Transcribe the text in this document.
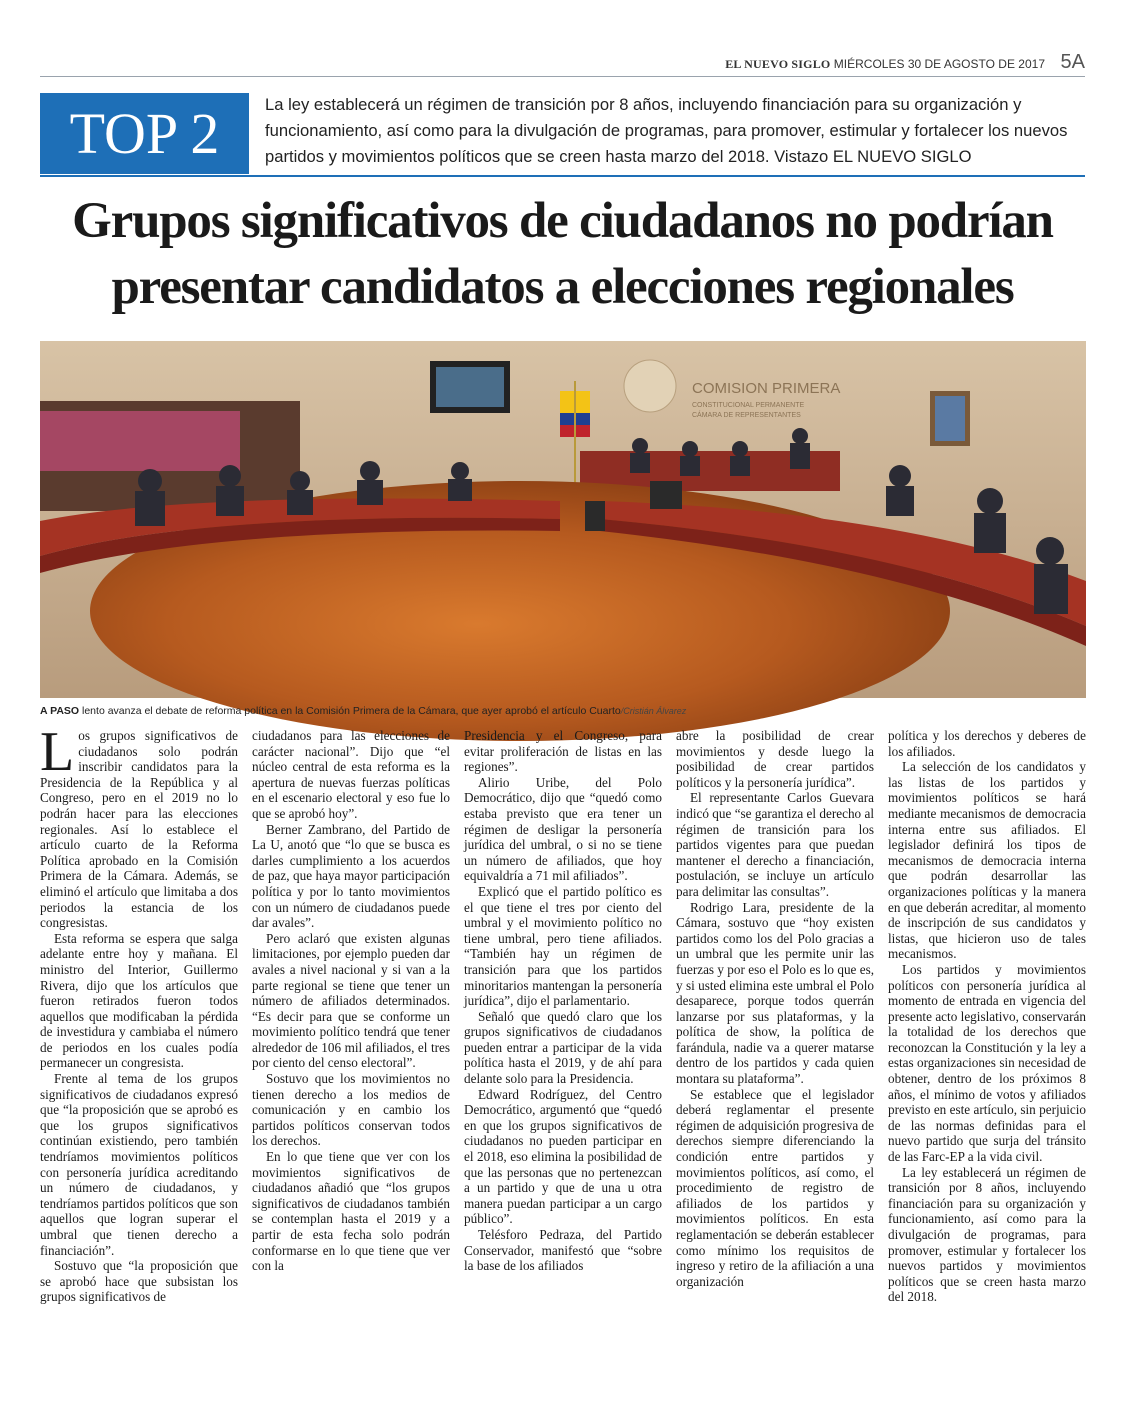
EL NUEVO SIGLO MIÉRCOLES 30 DE AGOSTO DE 2017 5A
TOP 2	La ley establecerá un régimen de transición por 8 años, incluyendo financiación para su organización y funcionamiento, así como para la divulgación de programas, para promover, estimular y fortalecer los nuevos partidos y movimientos políticos que se creen hasta marzo del 2018. Vistazo EL NUEVO SIGLO
Grupos significativos de ciudadanos no podrían presentar candidatos a elecciones regionales
COMISION PRIMERA
CONSTITUCIONAL PERMANENTE
CÁMARA DE REPRESENTANTES
A PASO lento avanza el debate de reforma política en la Comisión Primera de la Cámara, que ayer aprobó el artículo Cuarto/Cristián Álvarez

Los grupos significativos de ciudadanos solo podrán inscribir candidatos para la Presidencia de la República y al Congreso, pero en el 2019 no lo podrán hacer para las elecciones regionales. Así lo establece el artículo cuarto de la Reforma Política aprobado en la Comisión Primera de la Cámara. Además, se eliminó el artículo que limitaba a dos periodos la estancia de los congresistas.

Esta reforma se espera que salga adelante entre hoy y mañana. El ministro del Interior, Guillermo Rivera, dijo que los artículos que fueron retirados fueron todos aquellos que modificaban la pérdida de investidura y cambiaba el número de periodos en los cuales podía permanecer un congresista.

Frente al tema de los grupos significativos de ciudadanos expresó que “la proposición que se aprobó es que los grupos significativos continúan existiendo, pero también tendríamos movimientos políticos con personería jurídica acreditando un número de ciudadanos, y tendríamos partidos políticos que son aquellos que logran superar el umbral que tienen derecho a financiación”.

Sostuvo que “la proposición que se aprobó hace que subsistan los grupos significativos de

ciudadanos para las elecciones de carácter nacional”. Dijo que “el núcleo central de esta reforma es la apertura de nuevas fuerzas políticas en el escenario electoral y eso fue lo que se aprobó hoy”.

Berner Zambrano, del Partido de La U, anotó que “lo que se busca es darles cumplimiento a los acuerdos de paz, que haya mayor participación política y por lo tanto movimientos con un número de ciudadanos puede dar avales”.

Pero aclaró que existen algunas limitaciones, por ejemplo pueden dar avales a nivel nacional y si van a la parte regional se tiene que tener un número de afiliados determinados. “Es decir para que se conforme un movimiento político tendrá que tener alrededor de 106 mil afiliados, el tres por ciento del censo electoral”.

Sostuvo que los movimientos no tienen derecho a los medios de comunicación y en cambio los partidos políticos conservan todos los derechos.

En lo que tiene que ver con los movimientos significativos de ciudadanos añadió que “los grupos significativos de ciudadanos también se contemplan hasta el 2019 y a partir de esta fecha solo podrán conformarse en lo que tiene que ver con la

Presidencia y el Congreso, para evitar proliferación de listas en las regiones”.

Alirio Uribe, del Polo Democrático, dijo que “quedó como estaba previsto que era tener un régimen de desligar la personería jurídica del umbral, o si no se tiene un número de afiliados, que hoy equivaldría a 71 mil afiliados”.

Explicó que el partido político es el que tiene el tres por ciento del umbral y el movimiento político no tiene umbral, pero tiene afiliados. “También hay un régimen de transición para que los partidos minoritarios mantengan la personería jurídica”, dijo el parlamentario.

Señaló que quedó claro que los grupos significativos de ciudadanos pueden entrar a participar de la vida política hasta el 2019, y de ahí para delante solo para la Presidencia.

Edward Rodríguez, del Centro Democrático, argumentó que “quedó en que los grupos significativos de ciudadanos no pueden participar en el 2018, eso elimina la posibilidad de que las personas que no pertenezcan a un partido y que de una u otra manera puedan participar a un cargo público”.

Telésforo Pedraza, del Partido Conservador, manifestó que “sobre la base de los afiliados

abre la posibilidad de crear movimientos y desde luego la posibilidad de crear partidos políticos y la personería jurídica”.

El representante Carlos Guevara indicó que “se garantiza el derecho al régimen de transición para los partidos vigentes para que puedan mantener el derecho a financiación, postulación, se incluye un artículo para delimitar las consultas”.

Rodrigo Lara, presidente de la Cámara, sostuvo que “hoy existen partidos como los del Polo gracias a un umbral que les permite unir las fuerzas y por eso el Polo es lo que es, y si usted elimina este umbral el Polo desaparece, porque todos querrán lanzarse por sus plataformas, y la política de show, la política de farándula, nadie va a querer matarse dentro de los partidos y cada quien montara su plataforma”.

Se establece que el legislador deberá reglamentar el presente régimen de adquisición progresiva de derechos siempre diferenciando la condición entre partidos y movimientos políticos, así como, el procedimiento de registro de afiliados de los partidos y movimientos políticos. En esta reglamentación se deberán establecer como mínimo los requisitos de ingreso y retiro de la afiliación a una organización

política y los derechos y deberes de los afiliados.

La selección de los candidatos y las listas de los partidos y movimientos políticos se hará mediante mecanismos de democracia interna entre sus afiliados. El legislador definirá los tipos de mecanismos de democracia interna que podrán desarrollar las organizaciones políticas y la manera en que deberán acreditar, al momento de inscripción de sus candidatos y listas, que hicieron uso de tales mecanismos.

Los partidos y movimientos políticos con personería jurídica al momento de entrada en vigencia del presente acto legislativo, conservarán la totalidad de los derechos que reconozcan la Constitución y la ley a estas organizaciones sin necesidad de obtener, dentro de los próximos 8 años, el mínimo de votos y afiliados previsto en este artículo, sin perjuicio de las normas definidas para el nuevo partido que surja del tránsito de las Farc-EP a la vida civil.

La ley establecerá un régimen de transición por 8 años, incluyendo financiación para su organización y funcionamiento, así como para la divulgación de programas, para promover, estimular y fortalecer los nuevos partidos y movimientos políticos que se creen hasta marzo del 2018.
